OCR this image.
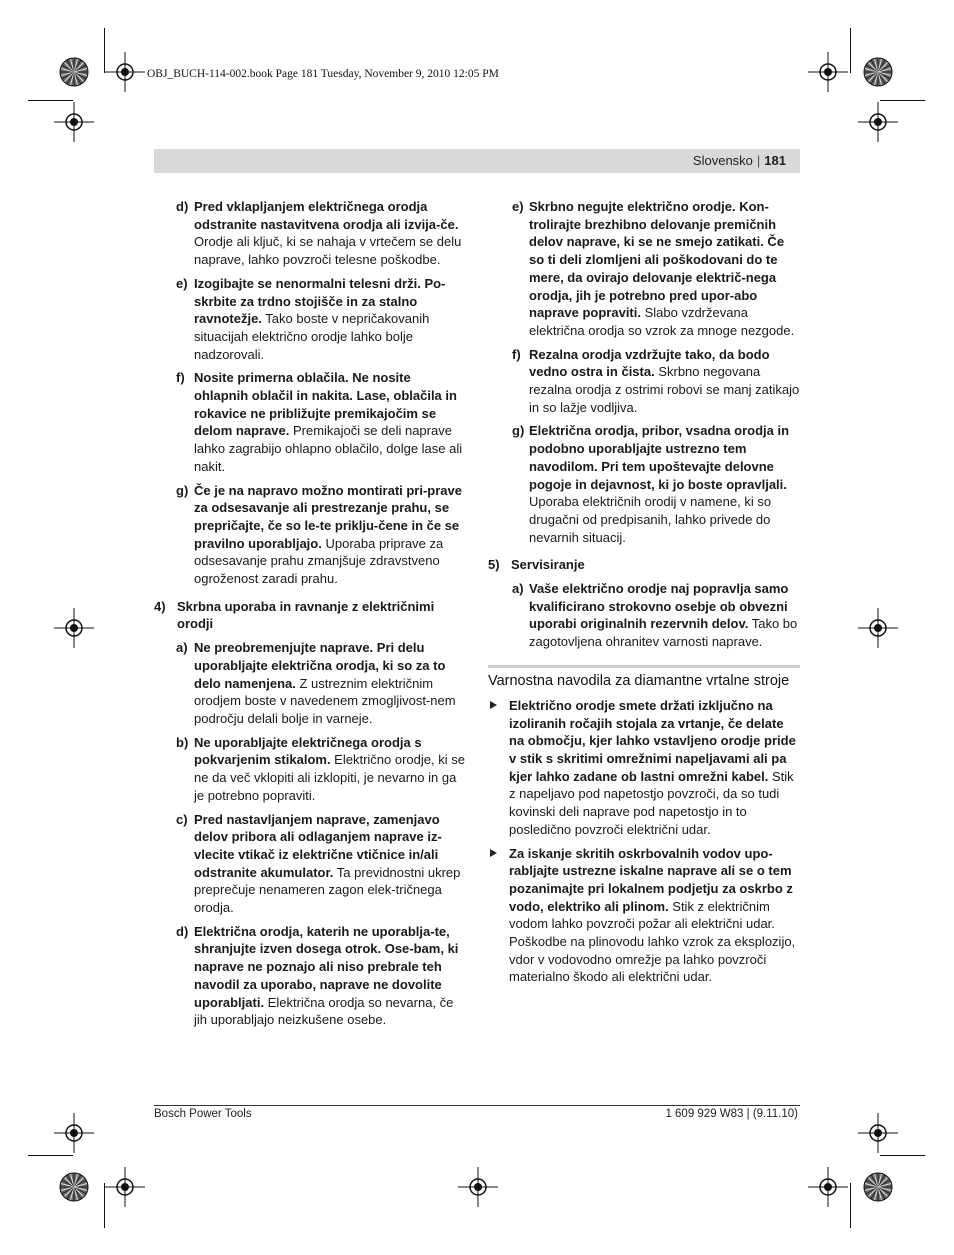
OBJ_BUCH-114-002.book Page 181 Tuesday, November 9, 2010 12:05 PM
Slovensko | 181
d) Pred vklapljanjem električnega orodja odstranite nastavitvena orodja ali izvija-če. Orodje ali ključ, ki se nahaja v vrtečem se delu naprave, lahko povzroči telesne poškodbe.
e) Izogibajte se nenormalni telesni drži. Po-skrbite za trdno stojišče in za stalno ravnotežje. Tako boste v nepričakovanih situacijah električno orodje lahko bolje nadzorovali.
f) Nosite primerna oblačila. Ne nosite ohlapnih oblačil in nakita. Lase, oblačila in rokavice ne približujte premikajočim se delom naprave. Premikajoči se deli naprave lahko zagrabijo ohlapno oblačilo, dolge lase ali nakit.
g) Če je na napravo možno montirati pri-prave za odsesavanje ali prestrezanje prahu, se prepričajte, če so le-te priklju-čene in če se pravilno uporabljajo. Uporaba priprave za odsesavanje prahu zmanjšuje zdravstveno ogroženost zaradi prahu.
4) Skrbna uporaba in ravnanje z električnimi orodji
a) Ne preobremenjujte naprave. Pri delu uporabljajte električna orodja, ki so za to delo namenjena. Z ustreznim električnim orodjem boste v navedenem zmogljivost-nem področju delali bolje in varneje.
b) Ne uporabljajte električnega orodja s pokvarjenim stikalom. Električno orodje, ki se ne da več vklopiti ali izklopiti, je nevarno in ga je potrebno popraviti.
c) Pred nastavljanjem naprave, zamenjavo delov pribora ali odlaganjem naprave iz-vlecite vtikač iz električne vtičnice in/ali odstranite akumulator. Ta previdnostni ukrep preprečuje nenameren zagon elek-tričnega orodja.
d) Električna orodja, katerih ne uporablja-te, shranjujte izven dosega otrok. Ose-bam, ki naprave ne poznajo ali niso prebrale teh navodil za uporabo, naprave ne dovolite uporabljati. Električna orodja so nevarna, če jih uporabljajo neizkušene osebe.
e) Skrbno negujte električno orodje. Kon-trolirajte brezhibno delovanje premičnih delov naprave, ki se ne smejo zatikati. Če so ti deli zlomljeni ali poškodovani do te mere, da ovirajo delovanje električ-nega orodja, jih je potrebno pred upor-abo naprave popraviti. Slabo vzdrževana električna orodja so vzrok za mnoge nezgode.
f) Rezalna orodja vzdržujte tako, da bodo vedno ostra in čista. Skrbno negovana rezalna orodja z ostrimi robovi se manj zatikajo in so lažje vodljiva.
g) Električna orodja, pribor, vsadna orodja in podobno uporabljajte ustrezno tem navodilom. Pri tem upoštevajte delovne pogoje in dejavnost, ki jo boste opravljali. Uporaba električnih orodij v namene, ki so drugačni od predpisanih, lahko privede do nevarnih situacij.
5) Servisiranje
a) Vaše električno orodje naj popravlja samo kvalificirano strokovno osebje ob obvezni uporabi originalnih rezervnih delov. Tako bo zagotovljena ohranitev varnosti naprave.
Varnostna navodila za diamantne vrtalne stroje
Električno orodje smete držati izključno na izoliranih ročajih stojala za vrtanje, če delate na območju, kjer lahko vstavljeno orodje pride v stik s skritimi omrežnimi napeljavami ali pa kjer lahko zadane ob lastni omrežni kabel. Stik z napeljavo pod napetostjo povzroči, da so tudi kovinski deli naprave pod napetostjo in to posledično povzroči električni udar.
Za iskanje skritih oskrbovalnih vodov upo-rabljajte ustrezne iskalne naprave ali se o tem pozanimajte pri lokalnem podjetju za oskrbo z vodo, elektriko ali plinom. Stik z električnim vodom lahko povzroči požar ali električni udar. Poškodbe na plinovodu lahko vzrok za eksplozijo, vdor v vodovodno omrežje pa lahko povzroči materialno škodo ali električni udar.
Bosch Power Tools	1 609 929 W83 | (9.11.10)
